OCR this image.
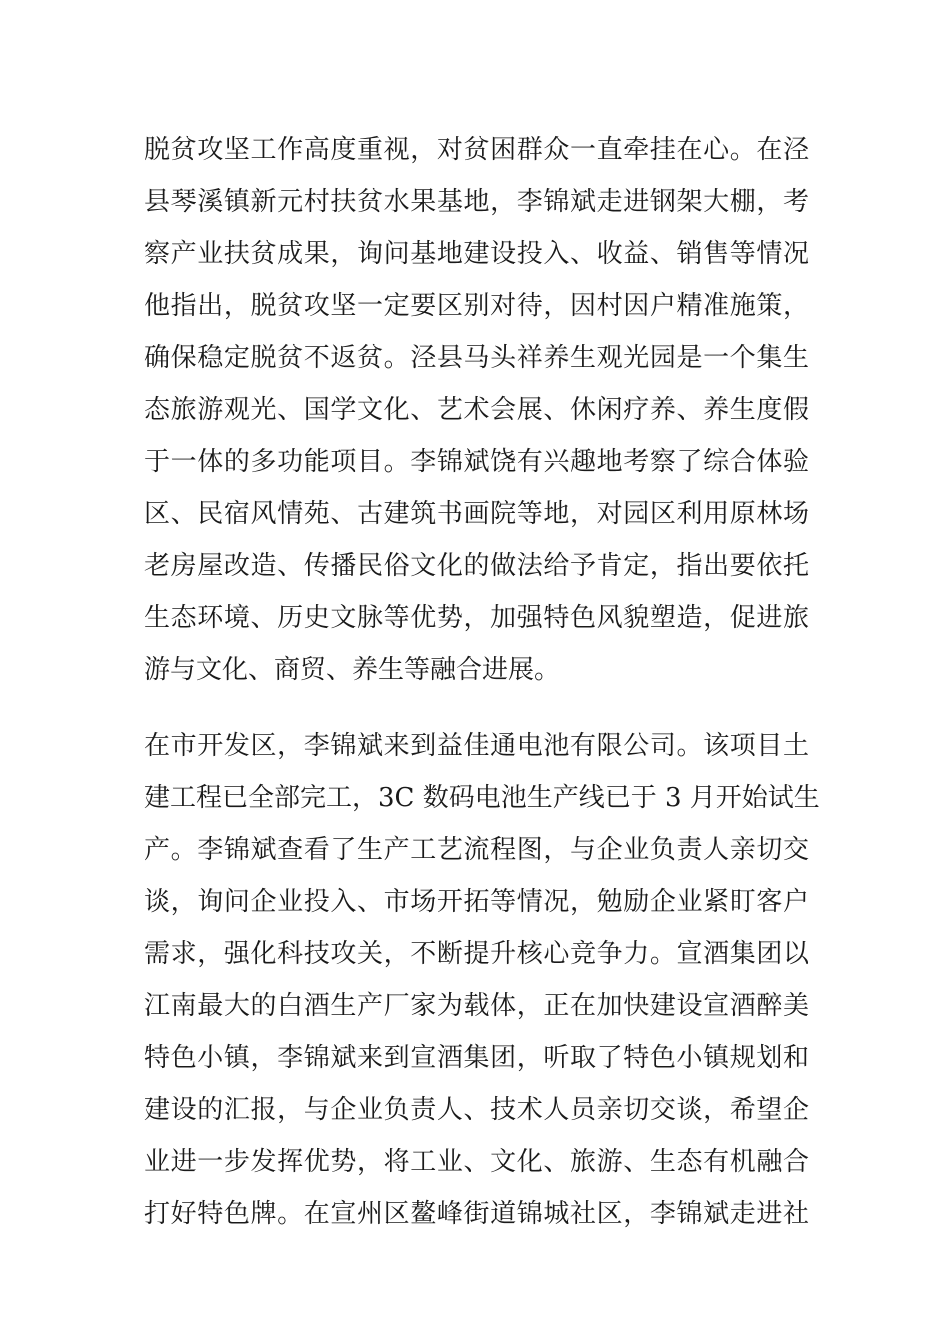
脱贫攻坚工作高度重视，对贫困群众一直牵挂在心。在泾
县琴溪镇新元村扶贫水果基地，李锦斌走进钢架大棚，考
察产业扶贫成果，询问基地建设投入、收益、销售等情况
他指出，脱贫攻坚一定要区别对待，因村因户精准施策，
确保稳定脱贫不返贫。泾县马头祥养生观光园是一个集生
态旅游观光、国学文化、艺术会展、休闲疗养、养生度假
于一体的多功能项目。李锦斌饶有兴趣地考察了综合体验
区、民宿风情苑、古建筑书画院等地，对园区利用原林场
老房屋改造、传播民俗文化的做法给予肯定，指出要依托
生态环境、历史文脉等优势，加强特色风貌塑造，促进旅
游与文化、商贸、养生等融合进展。
在市开发区，李锦斌来到益佳通电池有限公司。该项目土
建工程已全部完工，3C 数码电池生产线已于 3 月开始试生
产。李锦斌查看了生产工艺流程图，与企业负责人亲切交
谈，询问企业投入、市场开拓等情况，勉励企业紧盯客户
需求，强化科技攻关，不断提升核心竞争力。宣酒集团以
江南最大的白酒生产厂家为载体，正在加快建设宣酒醉美
特色小镇，李锦斌来到宣酒集团，听取了特色小镇规划和
建设的汇报，与企业负责人、技术人员亲切交谈，希望企
业进一步发挥优势，将工业、文化、旅游、生态有机融合
打好特色牌。在宣州区鳌峰街道锦城社区，李锦斌走进社
